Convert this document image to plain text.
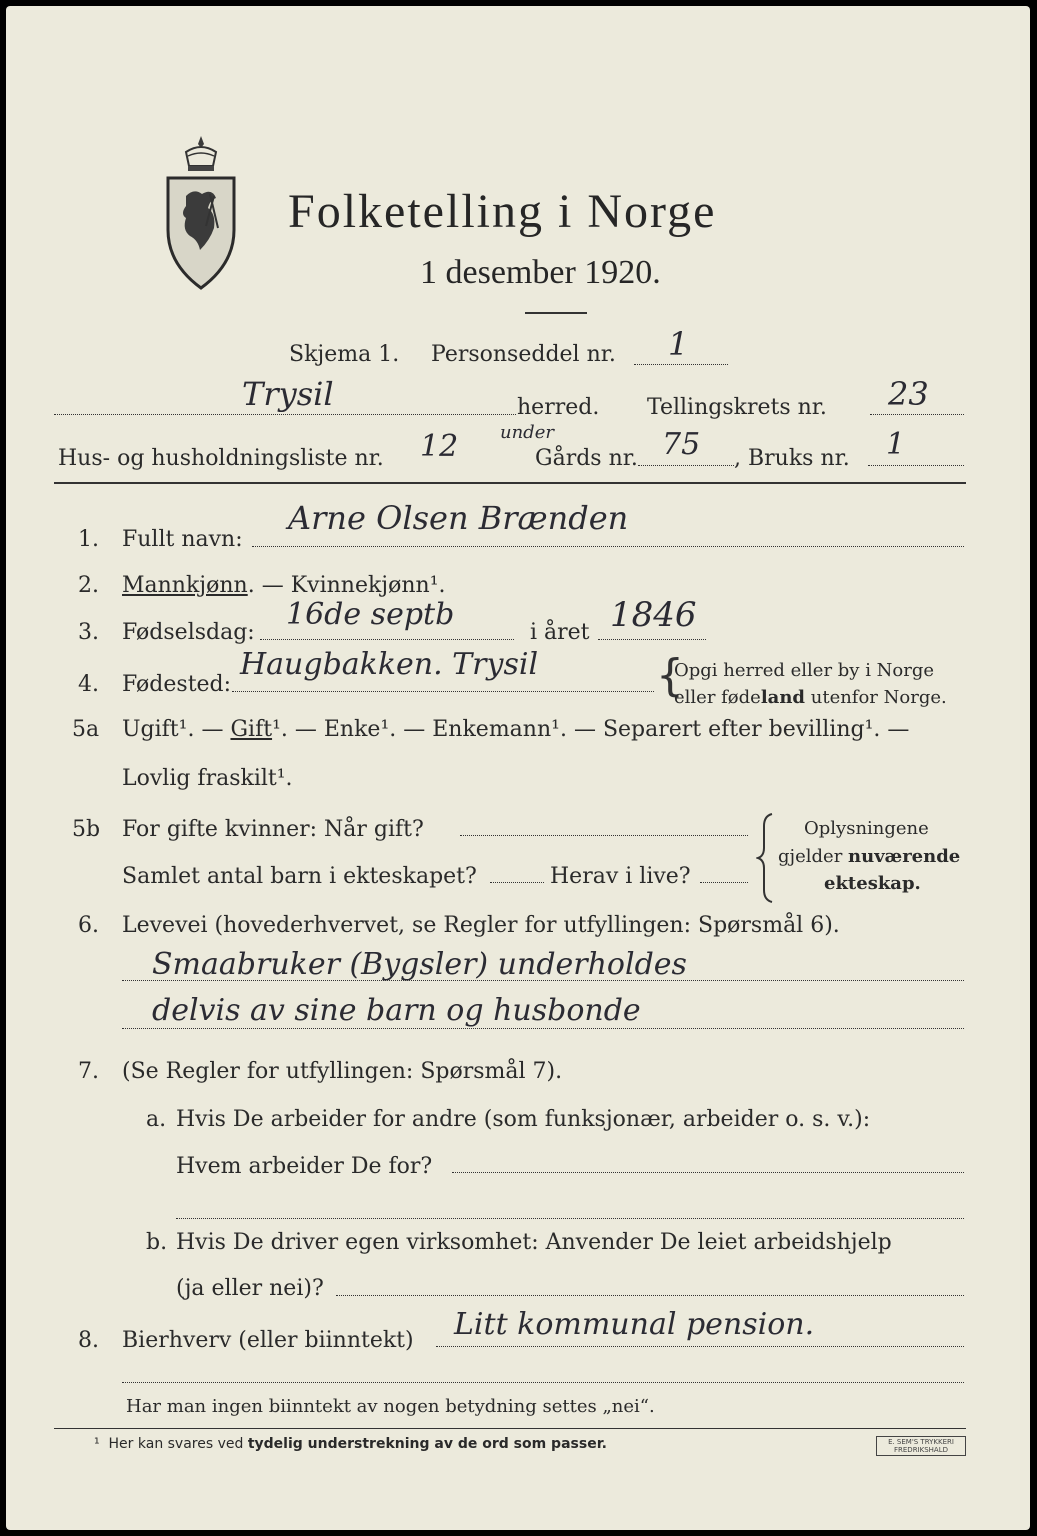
Folketelling i Norge
1 desember 1920.
Skjema 1. Personseddel nr. 1
Trysil	herred. Tellingskrets nr. 23
Hus- og husholdningsliste nr. 12 under
Gårds nr. 75 , Bruks nr. 1
1. Fullt navn:
Arne Olsen Brænden
2. Mannkjønn. — Kvinnekjønn¹.
3. Fødselsdag:
16de septb
i året 1846
4. Fødested:
Haugbakken. Trysil	{
Opgi herred eller by i Norge
eller fødeland utenfor Norge.
5a Ugift¹. — Gift¹. — Enke¹. — Enkemann¹. — Separert efter bevilling¹. —
Lovlig fraskilt¹.
5b For gifte kvinner: Når gift?
Samlet antal barn i ekteskapet?	Herav i live?
Oplysningene
gjelder nuværende
ekteskap.
6. Levevei (hovederhvervet, se Regler for utfyllingen: Spørsmål 6).
Smaabruker (Bygsler) underholdes
delvis av sine barn og husbonde
7. (Se Regler for utfyllingen: Spørsmål 7).
a. Hvis De arbeider for andre (som funksjonær, arbeider o. s. v.):
Hvem arbeider De for?
b. Hvis De driver egen virksomhet: Anvender De leiet arbeidshjelp
(ja eller nei)?
8. Bierhverv (eller biinntekt) Litt kommunal pension.
Har man ingen biinntekt av nogen betydning settes „nei“.
¹ Her kan svares ved tydelig understrekning av de ord som passer.	E. SEM'S TRYKKERI FREDRIKSHALD
